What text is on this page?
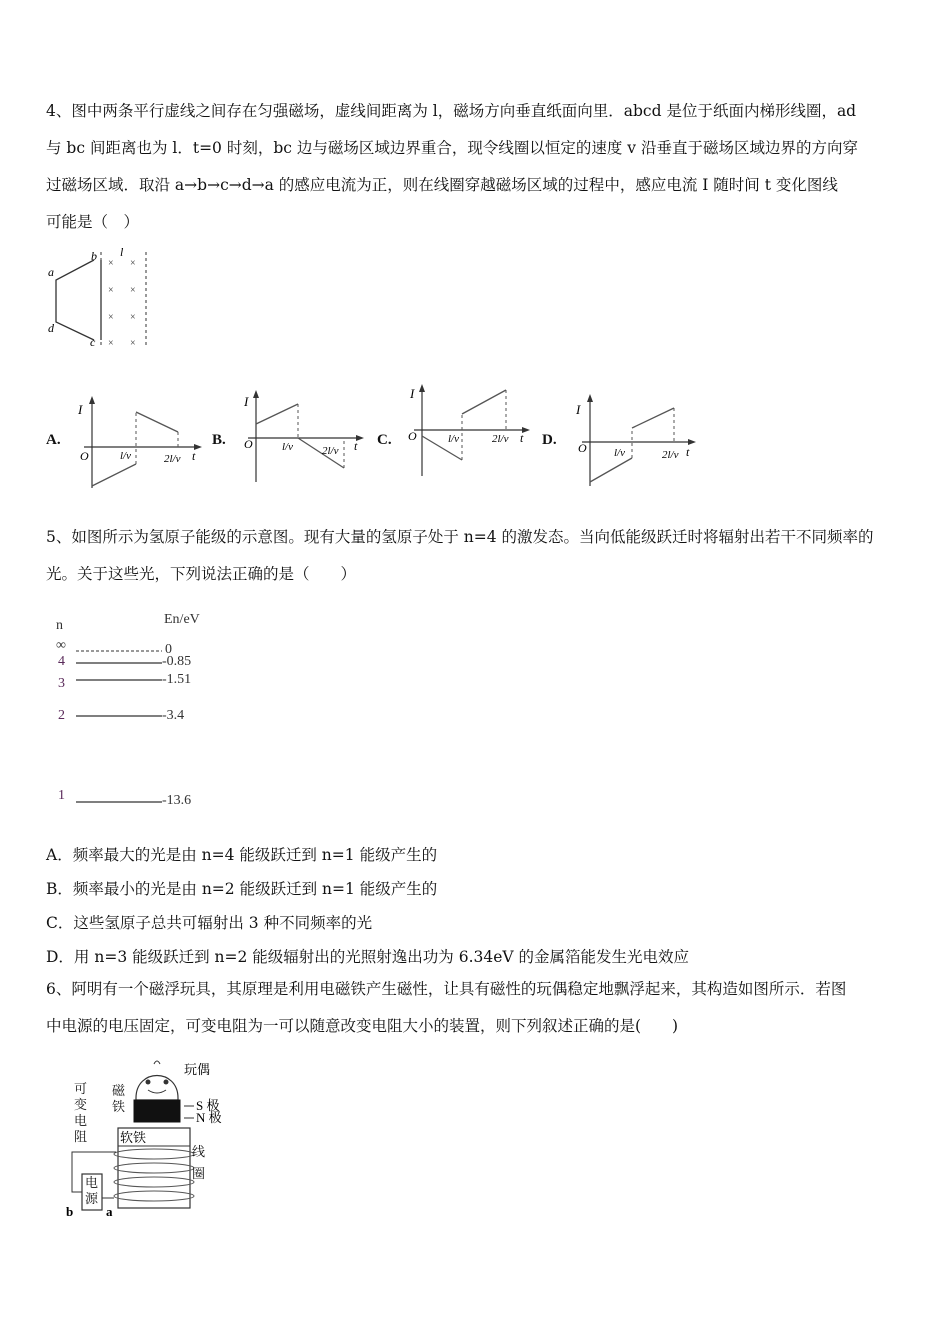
4、图中两条平行虚线之间存在匀强磁场，虚线间距离为 l，磁场方向垂直纸面向里．abcd 是位于纸面内梯形线圈，ad
与 bc 间距离也为 l．t=0 时刻，bc 边与磁场区域边界重合，现令线圈以恒定的速度 v 沿垂直于磁场区域边界的方向穿
过磁场区域．取沿 a→b→c→d→a 的感应电流为正，则在线圈穿越磁场区域的过程中，感应电流 I 随时间 t 变化图线
可能是（　）
a
b
c
d
l
× ×
× ×
× ×
× ×
A.
I
O	t
l/v	2l/v
B.
I
O	t
l/v	2l/v
C.
I
O	t
l/v	2l/v D.
I
O	t
l/v	2l/v
5、如图所示为氢原子能级的示意图。现有大量的氢原子处于 n=4 的激发态。当向低能级跃迁时将辐射出若干不同频率的
光。关于这些光，下列说法正确的是（　　）
n	En/eV
∞	0
4	-0.85
3	-1.51
2	-3.4
1	-13.6
A．频率最大的光是由 n=4 能级跃迁到 n=1 能级产生的
B．频率最小的光是由 n=2 能级跃迁到 n=1 能级产生的
C．这些氢原子总共可辐射出 3 种不同频率的光
D．用 n=3 能级跃迁到 n=2 能级辐射出的光照射逸出功为 6.34eV 的金属箔能发生光电效应
6、阿明有一个磁浮玩具，其原理是利用电磁铁产生磁性，让具有磁性的玩偶稳定地飘浮起来，其构造如图所示．若图
中电源的电压固定，可变电阻为一可以随意改变电阻大小的装置，则下列叙述正确的是(　　)
玩偶
S 极
N 极
软铁
b	a
磁铁
线圈
可变电阻
电源
